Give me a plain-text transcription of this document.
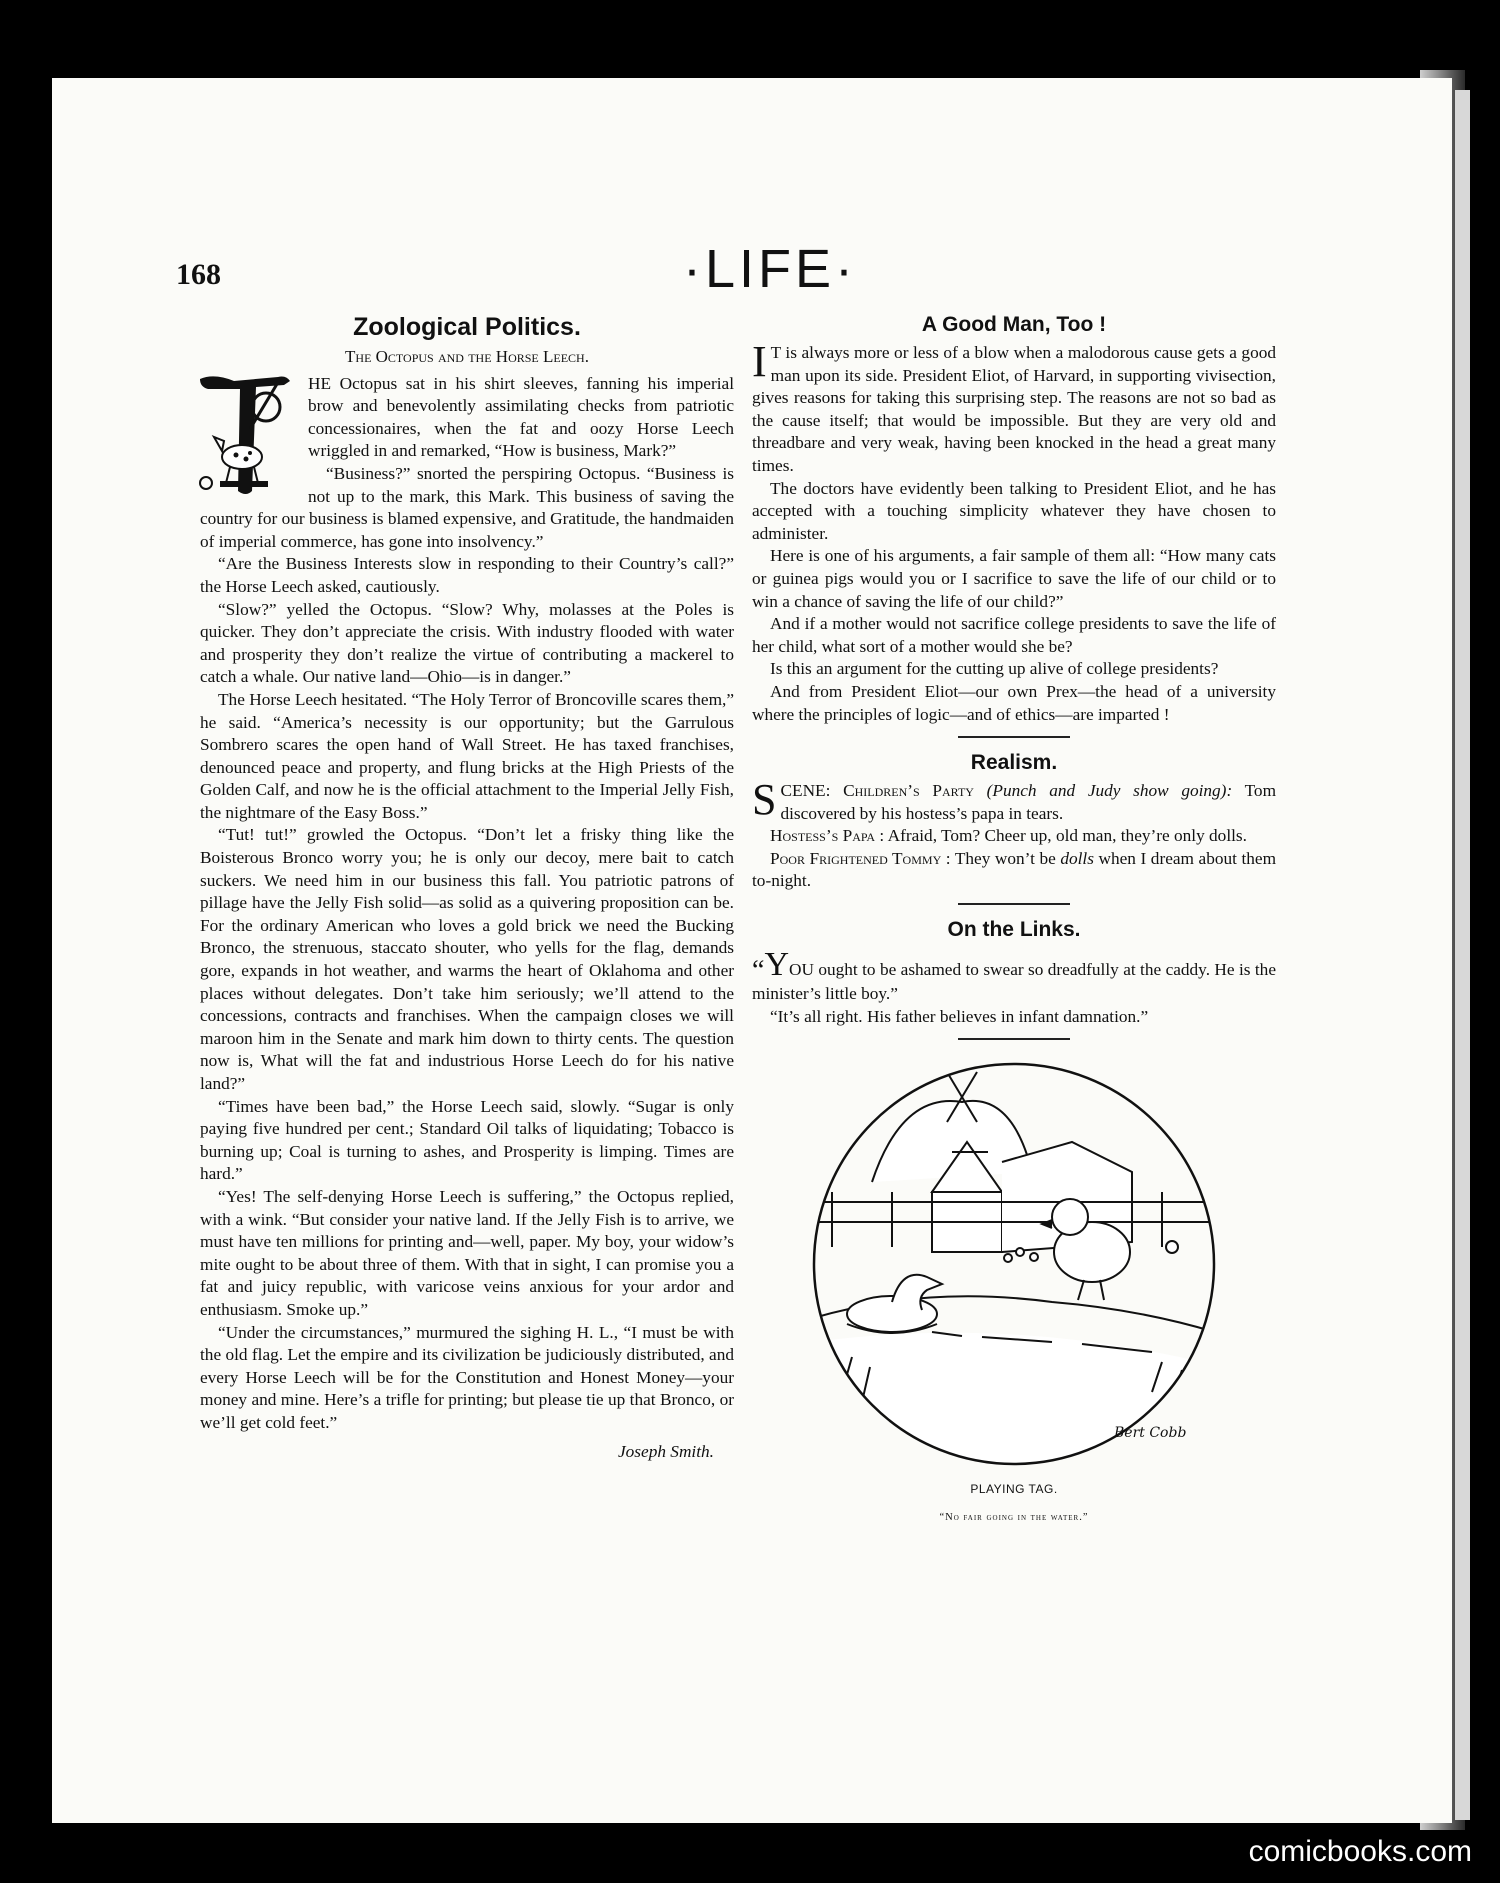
168	·LIFE·
Zoological Politics.
The Octopus and the Horse Leech.

HE Octopus sat in his shirt sleeves, fanning his imperial brow and benevolently assimilating checks from patriotic concessionaires, when the fat and oozy Horse Leech wriggled in and remarked, “How is business, Mark?”

“Business?” snorted the perspiring Octopus. “Business is not up to the mark, this Mark. This business of saving the country for our business is blamed expensive, and Gratitude, the handmaiden of imperial commerce, has gone into insolvency.”

“Are the Business Interests slow in responding to their Country’s call?” the Horse Leech asked, cautiously.

“Slow?” yelled the Octopus. “Slow? Why, molasses at the Poles is quicker. They don’t appreciate the crisis. With industry flooded with water and prosperity they don’t realize the virtue of contributing a mackerel to catch a whale. Our native land—Ohio—is in danger.”

The Horse Leech hesitated. “The Holy Terror of Broncoville scares them,” he said. “America’s necessity is our opportunity; but the Garrulous Sombrero scares the open hand of Wall Street. He has taxed franchises, denounced peace and property, and flung bricks at the High Priests of the Golden Calf, and now he is the official attachment to the Imperial Jelly Fish, the nightmare of the Easy Boss.”

“Tut! tut!” growled the Octopus. “Don’t let a frisky thing like the Boisterous Bronco worry you; he is only our decoy, mere bait to catch suckers. We need him in our business this fall. You patriotic patrons of pillage have the Jelly Fish solid—as solid as a quivering proposition can be. For the ordinary American who loves a gold brick we need the Bucking Bronco, the strenuous, staccato shouter, who yells for the flag, demands gore, expands in hot weather, and warms the heart of Oklahoma and other places without delegates. Don’t take him seriously; we’ll attend to the concessions, contracts and franchises. When the campaign closes we will maroon him in the Senate and mark him down to thirty cents. The question now is, What will the fat and industrious Horse Leech do for his native land?”

“Times have been bad,” the Horse Leech said, slowly. “Sugar is only paying five hundred per cent.; Standard Oil talks of liquidating; Tobacco is burning up; Coal is turning to ashes, and Prosperity is limping. Times are hard.”

“Yes! The self-denying Horse Leech is suffering,” the Octopus replied, with a wink. “But consider your native land. If the Jelly Fish is to arrive, we must have ten millions for printing and—well, paper. My boy, your widow’s mite ought to be about three of them. With that in sight, I can promise you a fat and juicy republic, with varicose veins anxious for your ardor and enthusiasm. Smoke up.”

“Under the circumstances,” murmured the sighing H. L., “I must be with the old flag. Let the empire and its civilization be judiciously distributed, and every Horse Leech will be for the Constitution and Honest Money—your money and mine. Here’s a trifle for printing; but please tie up that Bronco, or we’ll get cold feet.”

Joseph Smith.
A Good Man, Too !

I T is always more or less of a blow when a malodorous cause gets a good man upon its side. President Eliot, of Harvard, in supporting vivisection, gives reasons for taking this surprising step. The reasons are not so bad as the cause itself; that would be impossible. But they are very old and threadbare and very weak, having been knocked in the head a great many times.

The doctors have evidently been talking to President Eliot, and he has accepted with a touching simplicity whatever they have chosen to administer.

Here is one of his arguments, a fair sample of them all: “How many cats or guinea pigs would you or I sacrifice to save the life of our child or to win a chance of saving the life of our child?”

And if a mother would not sacrifice college presidents to save the life of her child, what sort of a mother would she be?

Is this an argument for the cutting up alive of college presidents?

And from President Eliot—our own Prex—the head of a university where the principles of logic—and of ethics—are imparted !

Realism.

SCENE: Children’s Party (Punch and Judy show going): Tom discovered by his hostess’s papa in tears.

Hostess’s Papa : Afraid, Tom? Cheer up, old man, they’re only dolls.

Poor Frightened Tommy : They won’t be dolls when I dream about them to-night.

On the Links.

“YOU ought to be ashamed to swear so dreadfully at the caddy. He is the minister’s little boy.”

“It’s all right. His father believes in infant damnation.”

Bert Cobb
PLAYING TAG.
“No fair going in the water.”
comicbooks.com
